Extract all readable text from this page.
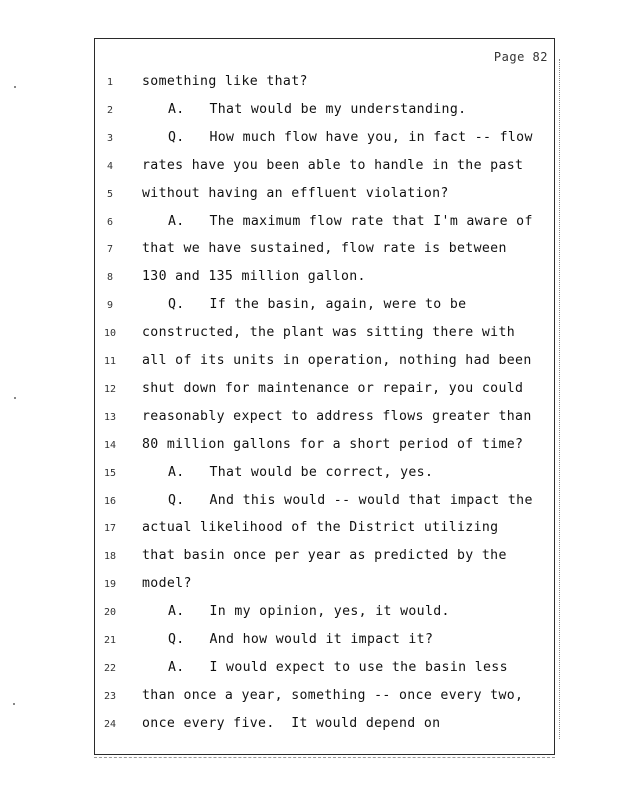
Page 82
1	something like that?
2	A.   That would be my understanding.
3	Q.   How much flow have you, in fact -- flow
4	rates have you been able to handle in the past
5	without having an effluent violation?
6	A.   The maximum flow rate that I'm aware of
7	that we have sustained, flow rate is between
8	130 and 135 million gallon.
9	Q.   If the basin, again, were to be
10	constructed, the plant was sitting there with
11	all of its units in operation, nothing had been
12	shut down for maintenance or repair, you could
13	reasonably expect to address flows greater than
14	80 million gallons for a short period of time?
15	A.   That would be correct, yes.
16	Q.   And this would -- would that impact the
17	actual likelihood of the District utilizing
18	that basin once per year as predicted by the
19	model?
20	A.   In my opinion, yes, it would.
21	Q.   And how would it impact it?
22	A.   I would expect to use the basin less
23	than once a year, something -- once every two,
24	once every five.  It would depend on
